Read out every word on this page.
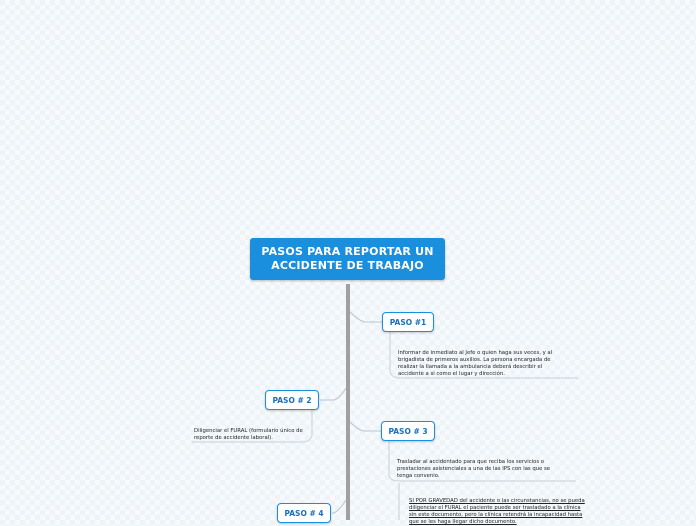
PASOS PARA REPORTAR UN
ACCIDENTE DE TRABAJO
PASO #1
Informar de inmediato al Jefe o quien haga sus veces, y al brigadista de primeros auxilios. La persona encargada de realizar la llamada a la ambulancia deberá describir el accidente a si como el lugar y dirección.
PASO # 2
Diligenciar el FURAL (formulario único de reporte de accidente laboral).
PASO # 3
Trasladar al accidentado para que reciba los servicios o prestaciones asistenciales a una de las IPS con las que se tenga convenio.
SI POR GRAVEDAD del accidente o las circunstancias, no se pueda diligenciar el FURAL el paciente puede ser trasladado a la clínica sin este documento, pero la clínica retendrá la incapacidad hasta que se les haga llegar dicho documento.
PASO # 4
